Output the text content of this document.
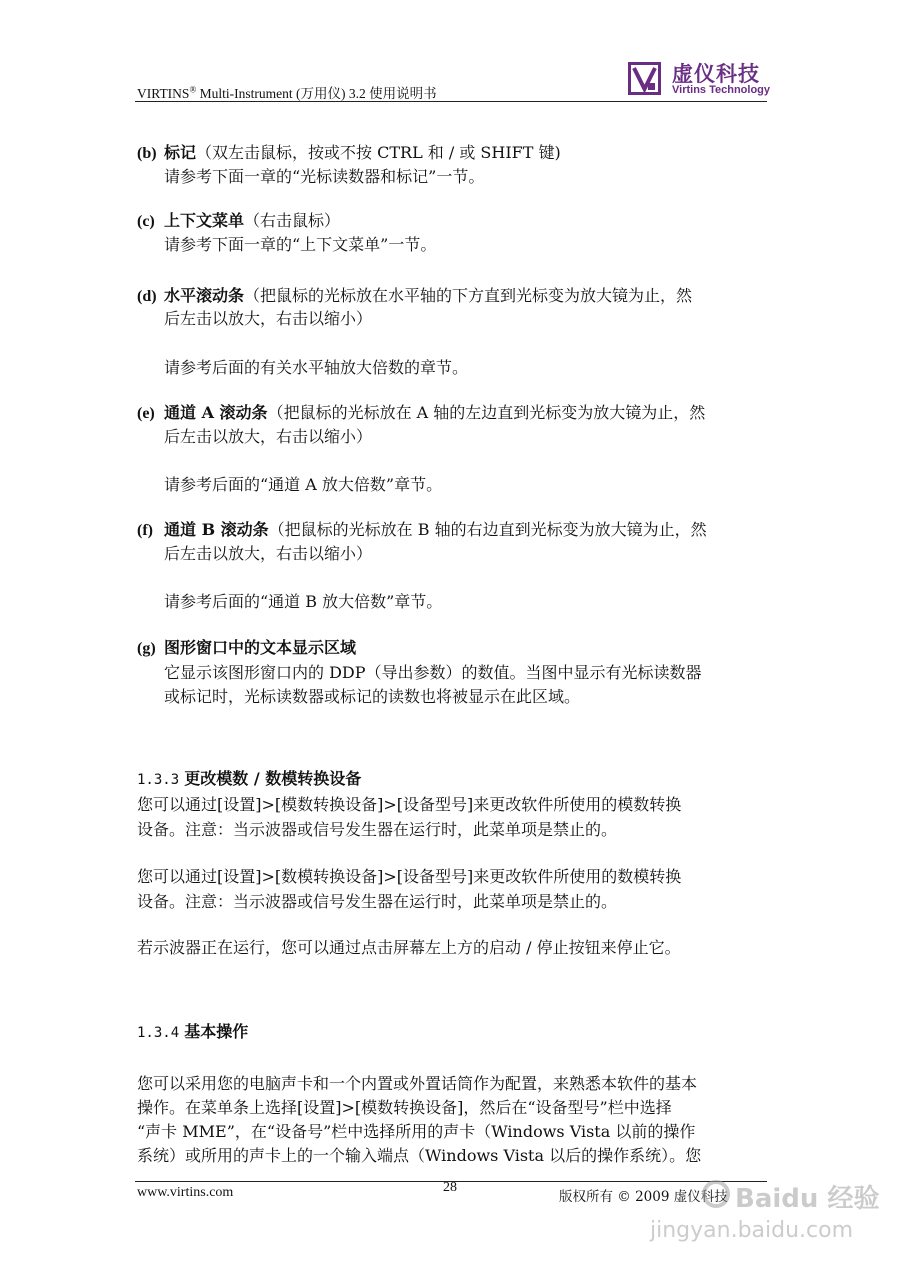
VIRTINS® Multi-Instrument (万用仪) 3.2 使用说明书
虚仪科技
Virtins Technology
(b) 标记（双左击鼠标，按或不按 CTRL 和 / 或 SHIFT 键)
请参考下面一章的“光标读数器和标记”一节。
(c) 上下文菜单（右击鼠标）
请参考下面一章的“上下文菜单”一节。
(d) 水平滚动条（把鼠标的光标放在水平轴的下方直到光标变为放大镜为止，然
后左击以放大，右击以缩小）
请参考后面的有关水平轴放大倍数的章节。
(e) 通道 A 滚动条（把鼠标的光标放在 A 轴的左边直到光标变为放大镜为止，然
后左击以放大，右击以缩小）
请参考后面的“通道 A 放大倍数”章节。
(f) 通道 B 滚动条（把鼠标的光标放在 B 轴的右边直到光标变为放大镜为止，然
后左击以放大，右击以缩小）
请参考后面的“通道 B 放大倍数”章节。
(g) 图形窗口中的文本显示区域
它显示该图形窗口内的 DDP（导出参数）的数值。当图中显示有光标读数器
或标记时，光标读数器或标记的读数也将被显示在此区域。
1.3.3 更改模数 / 数模转换设备
您可以通过[设置]>[模数转换设备]>[设备型号]来更改软件所使用的模数转换
设备。注意：当示波器或信号发生器在运行时，此菜单项是禁止的。
您可以通过[设置]>[数模转换设备]>[设备型号]来更改软件所使用的数模转换
设备。注意：当示波器或信号发生器在运行时，此菜单项是禁止的。
若示波器正在运行，您可以通过点击屏幕左上方的启动 / 停止按钮来停止它。
1.3.4 基本操作
您可以采用您的电脑声卡和一个内置或外置话筒作为配置，来熟悉本软件的基本
操作。在菜单条上选择[设置]>[模数转换设备]，然后在“设备型号”栏中选择
“声卡 MME”，在“设备号”栏中选择所用的声卡（Windows Vista 以前的操作
系统）或所用的声卡上的一个输入端点（Windows Vista 以后的操作系统）。您
www.virtins.com	28
版权所有 © 2009 虚仪科技 Baidu 经验
jingyan.baidu.com
